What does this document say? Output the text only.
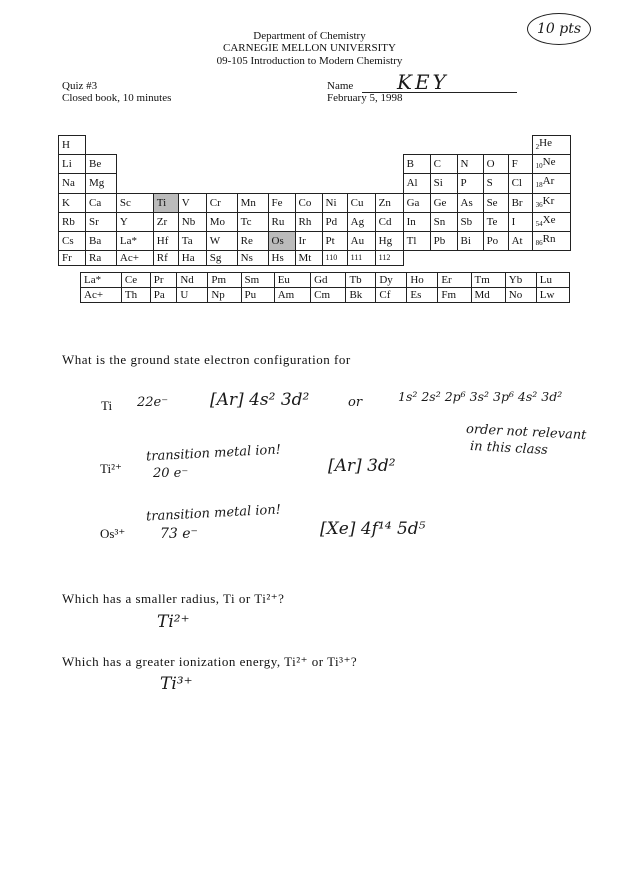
Department of Chemistry
CARNEGIE MELLON UNIVERSITY
09-105 Introduction to Modern Chemistry
10 pts
Quiz #3
Closed book, 10 minutes
Name KEY
February 5, 1998
H																	$_2$He
Li	Be											B	C	N	O	F	$_{10}$Ne
Na	Mg											Al	Si	P	S	Cl	$_{18}$Ar
K	Ca	Sc	Ti	V	Cr	Mn	Fe	Co	Ni	Cu	Zn	Ga	Ge	As	Se	Br	$_{36}$Kr
Rb	Sr	Y	Zr	Nb	Mo	Tc	Ru	Rh	Pd	Ag	Cd	In	Sn	Sb	Te	I	$_{54}$Xe
Cs	Ba	La*	Hf	Ta	W	Re	Os	Ir	Pt	Au	Hg	Tl	Pb	Bi	Po	At	$_{86}$Rn
Fr	Ra	Ac+	Rf	Ha	Sg	Ns	Hs	Mt	110	111	112						
La*	Ce	Pr	Nd	Pm	Sm	Eu	Gd	Tb	Dy	Ho	Er	Tm	Yb	Lu
Ac+	Th	Pa	U	Np	Pu	Am	Cm	Bk	Cf	Es	Fm	Md	No	Lw
What is the ground state electron configuration for
Ti 22e⁻ [Ar] 4s² 3d²	or	1s² 2s² 2p⁶ 3s² 3p⁶ 4s² 3d²
order not relevant
in this class
Ti²⁺
transition metal ion!
20 e⁻	[Ar] 3d²
Os³⁺
transition metal ion!
73 e⁻	[Xe] 4f¹⁴ 5d⁵
Which has a smaller radius, Ti or Ti²⁺?
Ti²⁺
Which has a greater ionization energy, Ti²⁺ or Ti³⁺?
Ti³⁺
